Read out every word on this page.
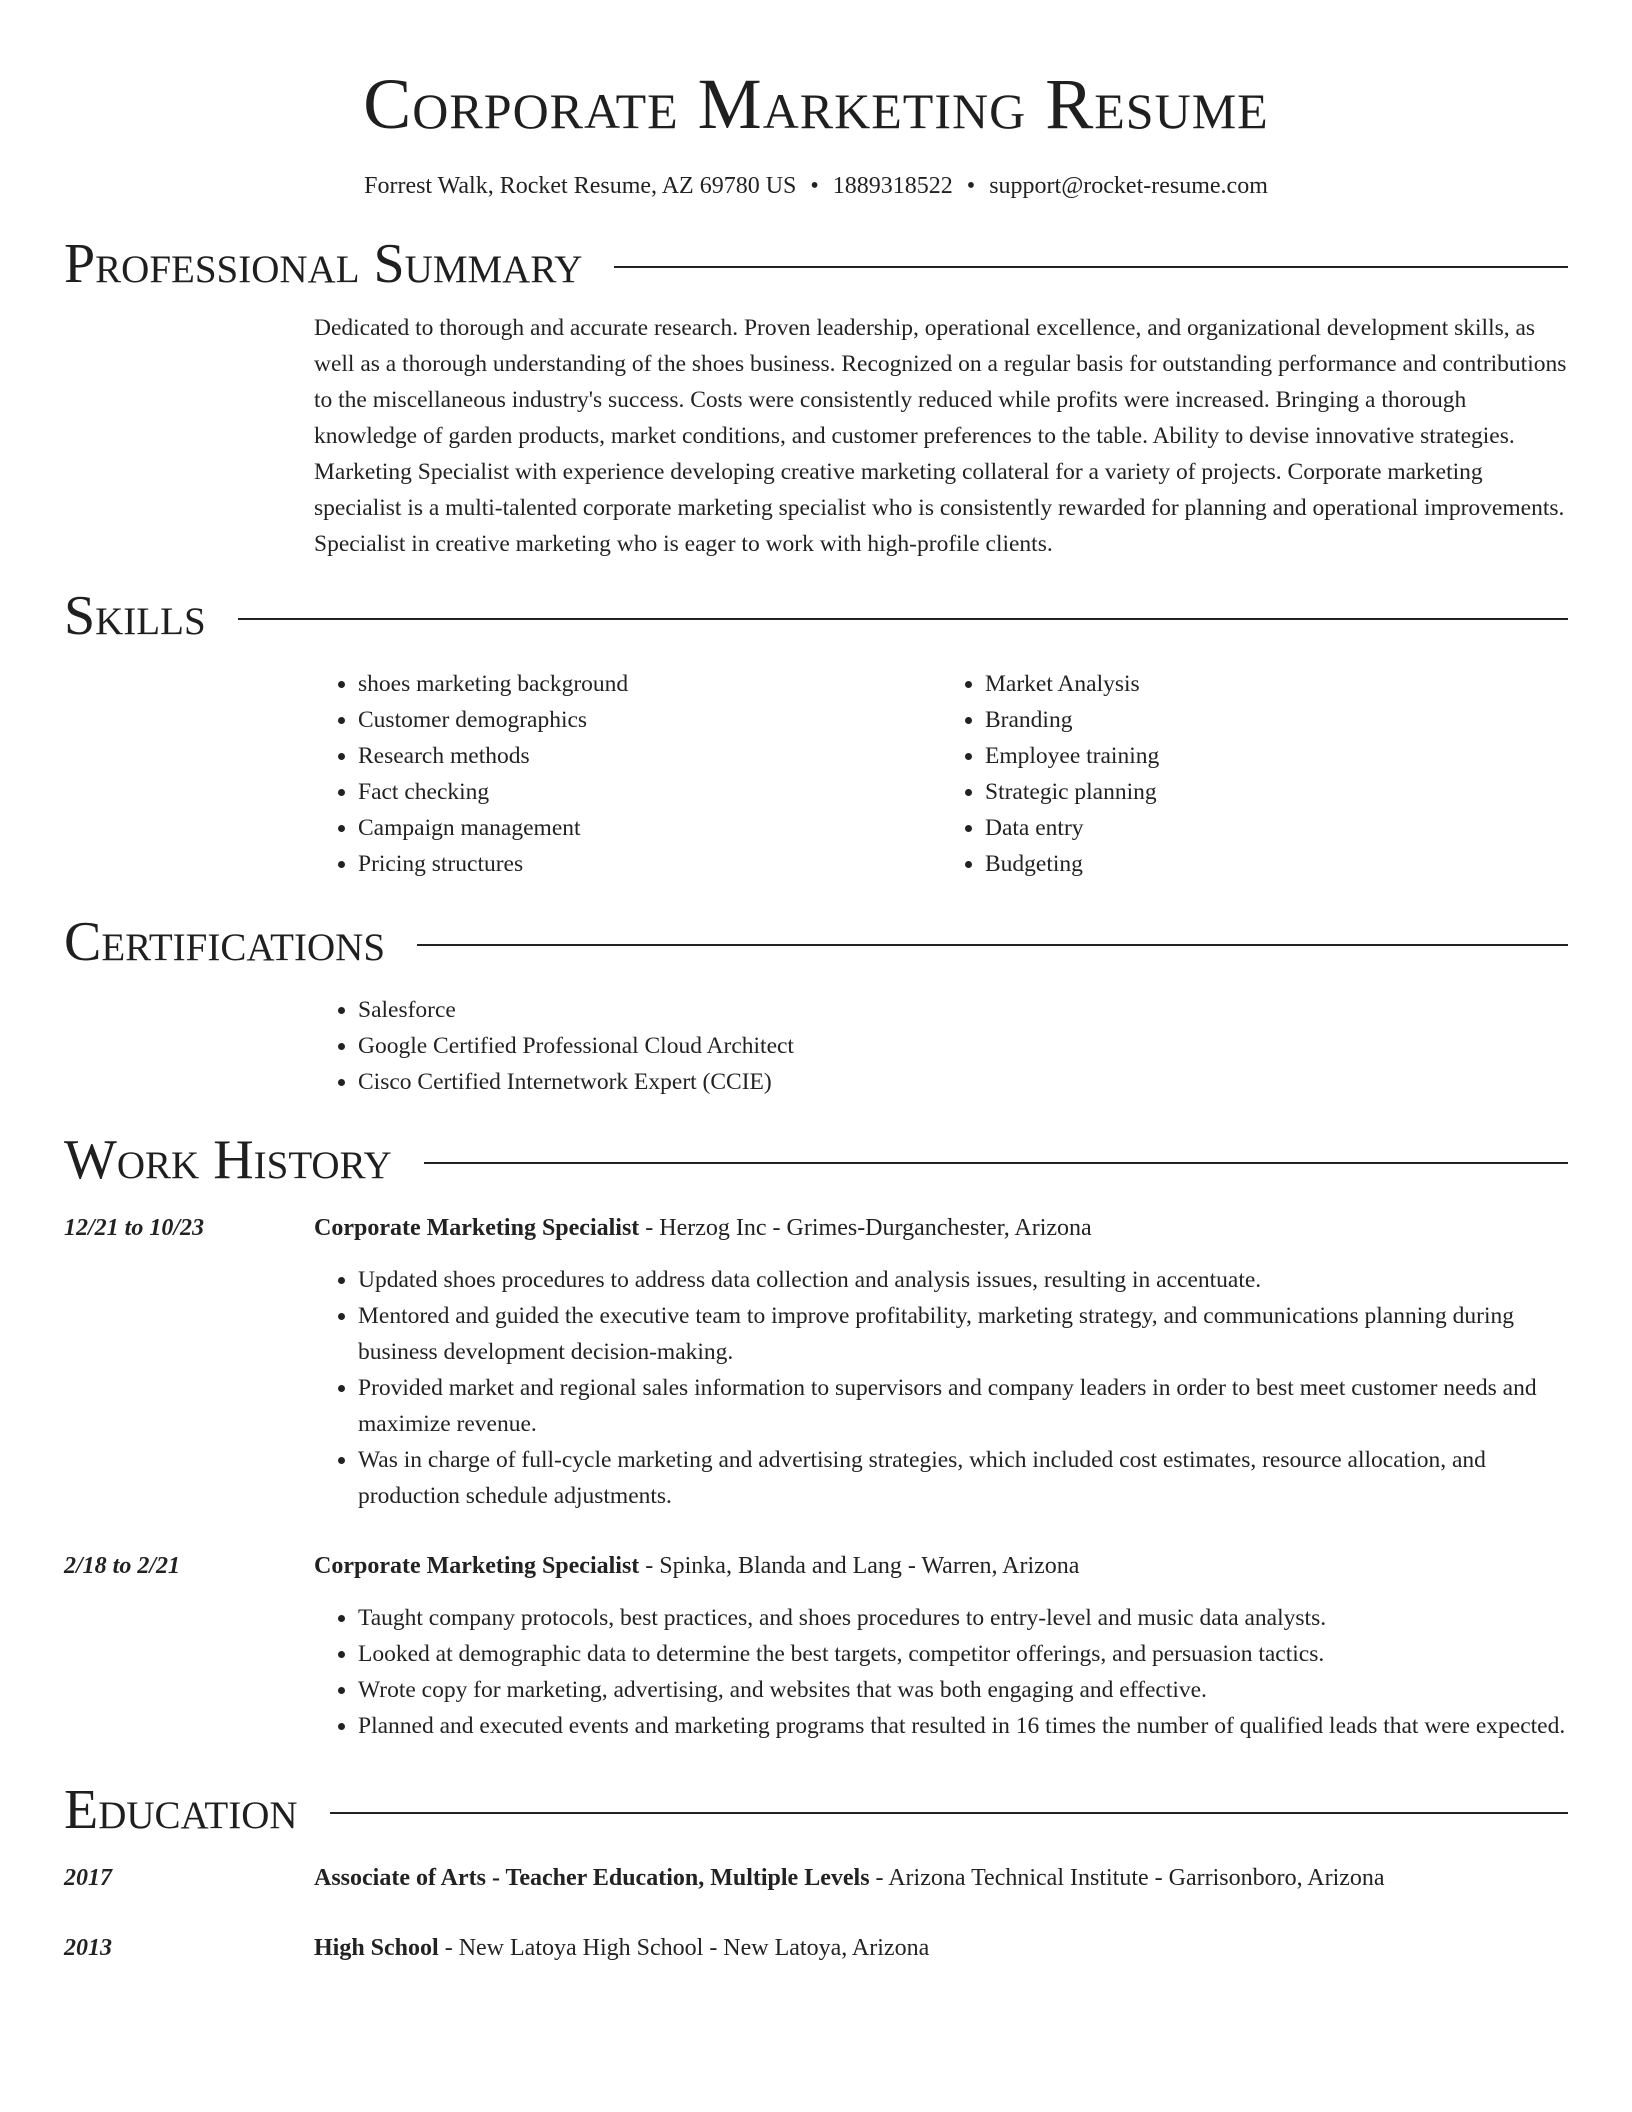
Corporate Marketing Resume
Forrest Walk, Rocket Resume, AZ 69780 US • 1889318522 • support@rocket-resume.com
Professional Summary
Dedicated to thorough and accurate research. Proven leadership, operational excellence, and organizational development skills, as well as a thorough understanding of the shoes business. Recognized on a regular basis for outstanding performance and contributions to the miscellaneous industry's success. Costs were consistently reduced while profits were increased. Bringing a thorough knowledge of garden products, market conditions, and customer preferences to the table. Ability to devise innovative strategies. Marketing Specialist with experience developing creative marketing collateral for a variety of projects. Corporate marketing specialist is a multi-talented corporate marketing specialist who is consistently rewarded for planning and operational improvements. Specialist in creative marketing who is eager to work with high-profile clients.
Skills
• shoes marketing background
• Customer demographics
• Research methods
• Fact checking
• Campaign management
• Pricing structures
• Market Analysis
• Branding
• Employee training
• Strategic planning
• Data entry
• Budgeting
Certifications
• Salesforce
• Google Certified Professional Cloud Architect
• Cisco Certified Internetwork Expert (CCIE)
Work History
12/21 to 10/23	Corporate Marketing Specialist - Herzog Inc - Grimes-Durganchester, Arizona
• Updated shoes procedures to address data collection and analysis issues, resulting in accentuate.
• Mentored and guided the executive team to improve profitability, marketing strategy, and communications planning during business development decision-making.
• Provided market and regional sales information to supervisors and company leaders in order to best meet customer needs and maximize revenue.
• Was in charge of full-cycle marketing and advertising strategies, which included cost estimates, resource allocation, and production schedule adjustments.
2/18 to 2/21	Corporate Marketing Specialist - Spinka, Blanda and Lang - Warren, Arizona
• Taught company protocols, best practices, and shoes procedures to entry-level and music data analysts.
• Looked at demographic data to determine the best targets, competitor offerings, and persuasion tactics.
• Wrote copy for marketing, advertising, and websites that was both engaging and effective.
• Planned and executed events and marketing programs that resulted in 16 times the number of qualified leads that were expected.
Education
2017	Associate of Arts - Teacher Education, Multiple Levels - Arizona Technical Institute - Garrisonboro, Arizona
2013	High School - New Latoya High School - New Latoya, Arizona
